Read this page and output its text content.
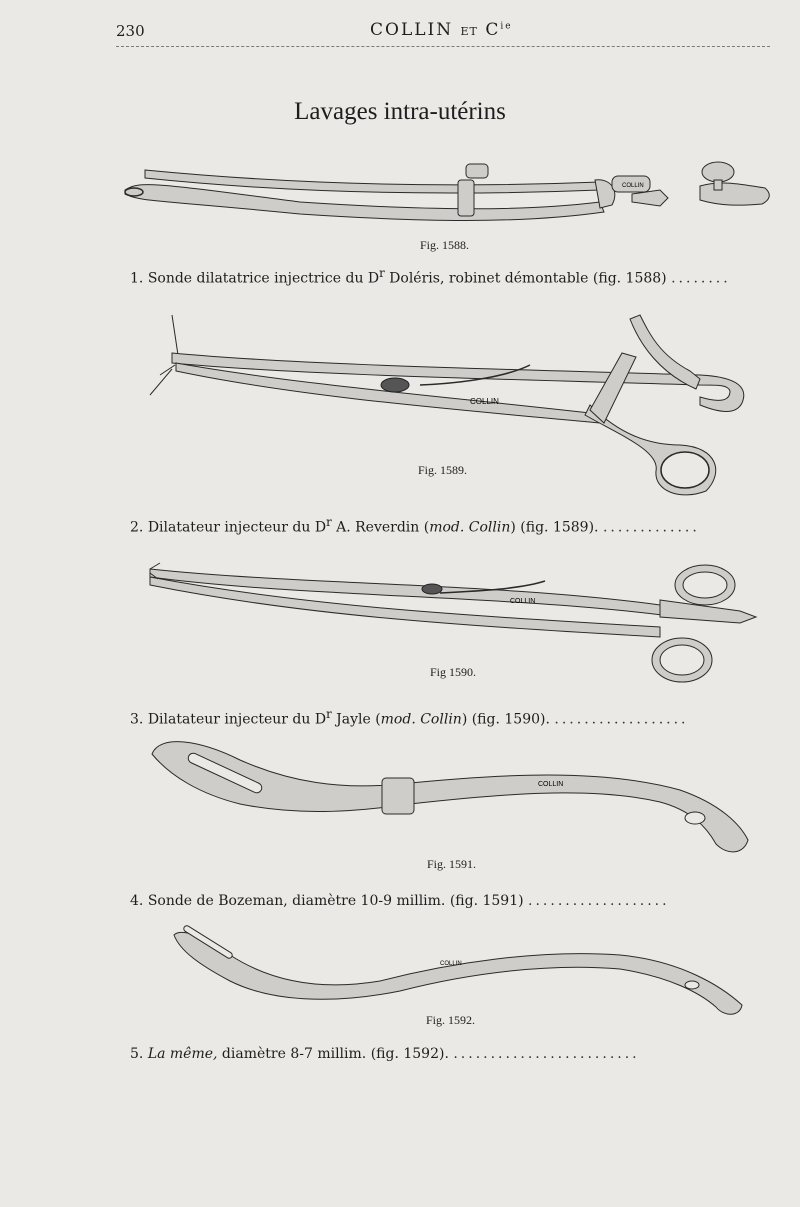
230	COLLIN ET $C^{ie}$
Lavages intra-utérins
COLLIN
Fig. 1588.
1. Sonde dilatatrice injectrice du $D^r$ Doléris, robinet démontable (fig. 1588) ........
COLLIN
Fig. 1589.
2. Dilatateur injecteur du $D^r$ A. Reverdin (mod. Collin) (fig. 1589). .............
COLLIN
Fig 1590.
3. Dilatateur injecteur du $D^r$ Jayle (mod. Collin) (fig. 1590). ..................
COLLIN
Fig. 1591.
4. Sonde de Bozeman, diamètre 10-9 millim. (fig. 1591) ...................
COLLIN
Fig. 1592.
5. La même, diamètre 8-7 millim. (fig. 1592). .........................
